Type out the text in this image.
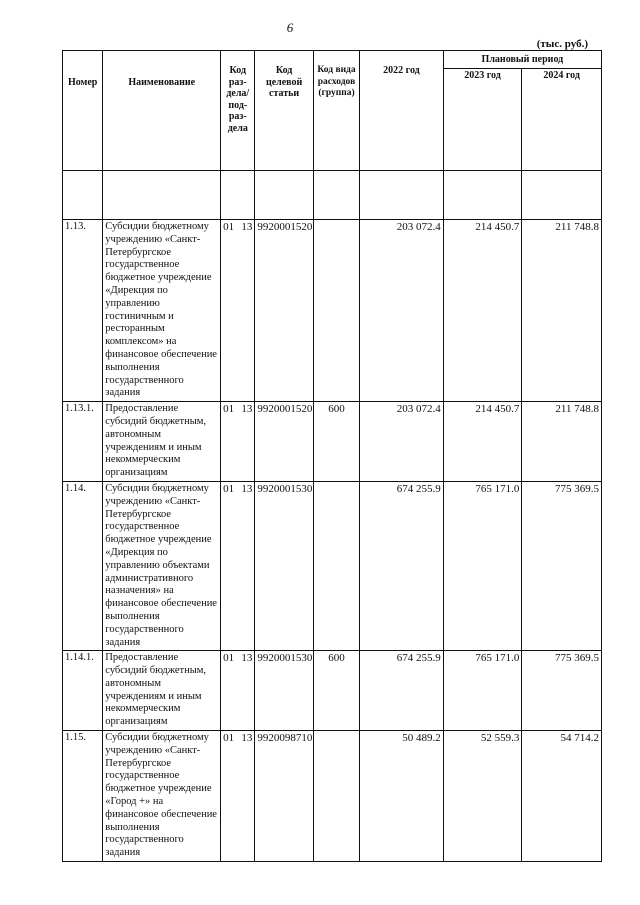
6
(тыс. руб.)
Номер	Наименование	Код раз-дела/ под-раз-дела	Код целевой статьи	Код вида расходов (группа)	2022 год	Плановый период	
						2023 год	2024 год

1.13.	Субсидии бюджетному учреждению «Санкт-Петербургское государственное бюджетное учреждение «Дирекция по управлению гостиничным и ресторанным комплексом» на финансовое обеспечение выполнения государственного задания	01 13	9920001520		203 072.4	214 450.7	211 748.8
1.13.1.	Предоставление субсидий бюджетным, автономным учреждениям и иным некоммерческим организациям	01 13	9920001520	600	203 072.4	214 450.7	211 748.8
1.14.	Субсидии бюджетному учреждению «Санкт-Петербургское государственное бюджетное учреждение «Дирекция по управлению объектами административного назначения» на финансовое обеспечение выполнения государственного задания	01 13	9920001530		674 255.9	765 171.0	775 369.5
1.14.1.	Предоставление субсидий бюджетным, автономным учреждениям и иным некоммерческим организациям	01 13	9920001530	600	674 255.9	765 171.0	775 369.5
1.15.	Субсидии бюджетному учреждению «Санкт-Петербургское государственное бюджетное учреждение «Город +» на финансовое обеспечение выполнения государственного задания	01 13	9920098710		50 489.2	52 559.3	54 714.2
